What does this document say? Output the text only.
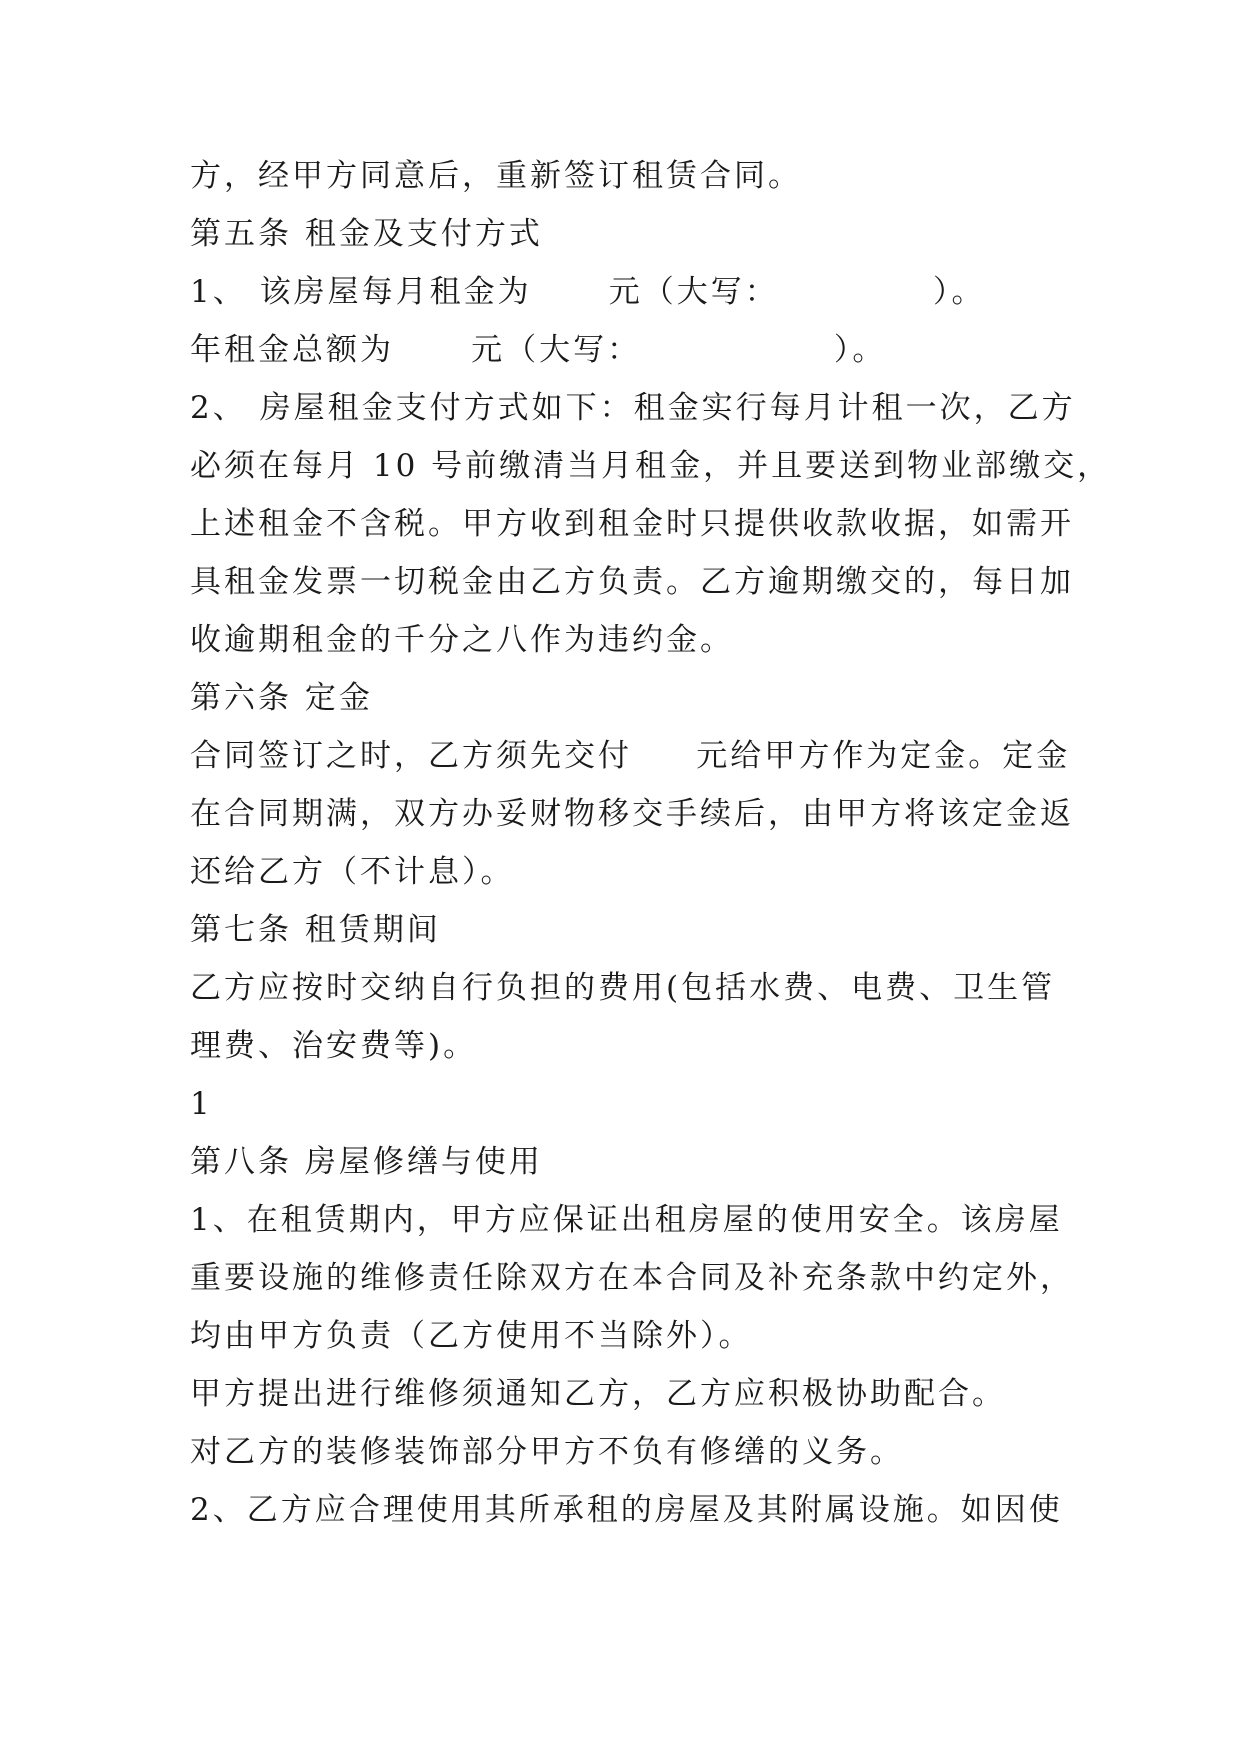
方，经甲方同意后，重新签订租赁合同。

第五条 租金及支付方式

1、 该房屋每月租金为      元（大写：            ）。

年租金总额为      元（大写：               ）。

2、 房屋租金支付方式如下：租金实行每月计租一次，乙方

必须在每月 10 号前缴清当月租金，并且要送到物业部缴交，

上述租金不含税。甲方收到租金时只提供收款收据，如需开

具租金发票一切税金由乙方负责。乙方逾期缴交的，每日加

收逾期租金的千分之八作为违约金。

第六条 定金

合同签订之时，乙方须先交付     元给甲方作为定金。定金

在合同期满，双方办妥财物移交手续后，由甲方将该定金返

还给乙方（不计息）。

第七条 租赁期间

乙方应按时交纳自行负担的费用(包括水费、电费、卫生管

理费、治安费等)。

1

第八条 房屋修缮与使用

1、在租赁期内，甲方应保证出租房屋的使用安全。该房屋

重要设施的维修责任除双方在本合同及补充条款中约定外，

均由甲方负责（乙方使用不当除外）。

甲方提出进行维修须通知乙方，乙方应积极协助配合。

对乙方的装修装饰部分甲方不负有修缮的义务。

2、乙方应合理使用其所承租的房屋及其附属设施。如因使
